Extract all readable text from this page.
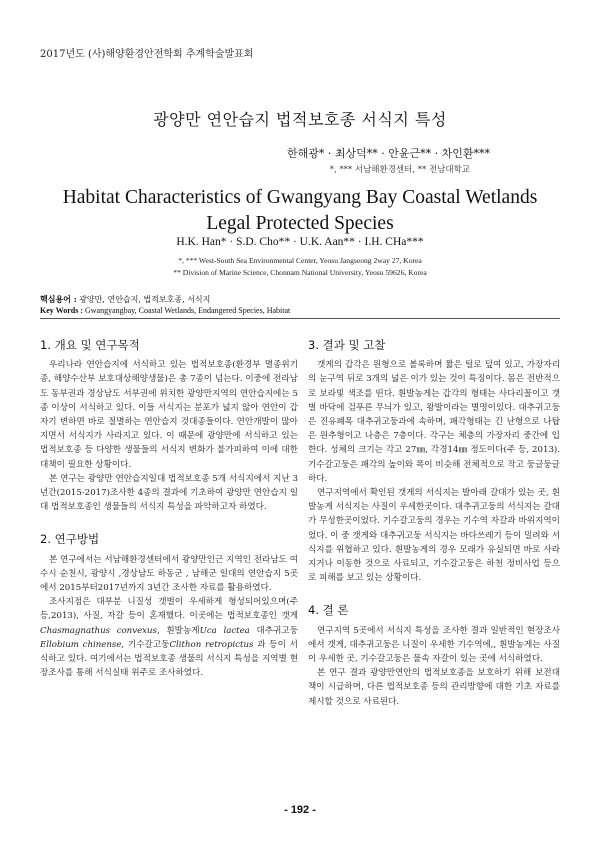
2017년도 (사)해양환경안전학회 추계학술발표회
광양만 연안습지 법적보호종 서식지 특성
한해광* · 최상덕** · 안윤근** · 차인환***
*, *** 서남해환경센터, ** 전남대학교
Habitat Characteristics of Gwangyang Bay Coastal Wetlands Legal Protected Species
H.K. Han* · S.D. Cho** · U.K. Aan** · I.H. CHa***
*, *** West-South Sea Environmental Center, Yeosu Jangseong 2way 27, Korea
** Division of Marine Science, Chonnam National University, Yeosu 59626, Korea
핵심용어 : 광양만, 연안습지, 법적보호종, 서식지
Key Words : Gwangyangbay, Coastal Wetlands, Endangered Species, Habitat
1. 개요 및 연구목적

우리나라 연안습지에 서식하고 있는 법적보호종(환경부 멸종위기종, 해양수산부 보호대상해양생물)은 총 7종이 넘는다. 이중에 전라남도 동부권과 경상남도 서부권에 위치한 광양만지역의 연안습지에는 5종 이상이 서식하고 있다. 이들 서식지는 분포가 넓지 않아 연안이 갑자기 변하면 바로 절멸하는 연안습지 것대종들이다. 연안개발이 많아지면서 서식지가 사라지고 있다. 이 때문에 광양만에 서식하고 있는 법적보호종 등 다양한 생물들의 서식지 변화가 불가피하여 이에 대한 대책이 필요한 상황이다.

본 연구는 광양만 연안습지일대 법적보호종 5개 서식지에서 지난 3년간(2015-2017)조사한 4종의 결과에 기초하여 광양만 연안습지 일대 법적보호종인 생물들의 서식지 특성을 파악하고자 하였다.

2. 연구방법

본 연구에서는 서남해환경센터에서 광양만인근 지역인 전라남도 여수시 순천시, 광양시 ,경상남도 하동군 , 남해군 일대의 연안습지 5곳에서 2015부터2017년까지 3년간 조사한 자료를 활용하였다.

조사지점은 대부분 니질성 갯벌이 우세하게 형성되어있으며(주 등,2013), 사질, 자갈 등이 혼재했다. 이곳에는 법적보호종인 갯게Chasmagnathus convexus, 흰발농게Uca lactea 대추귀고둥Ellobium chinense, 기수갈고둥Clithon retropictus 과 등이 서식하고 있다. 여기에서는 법적보호종 생물의 서식지 특성을 지역별 현장조사를 통해 서식실태 위주로 조사하였다.

3. 결과 및 고찰

갯게의 갑각은 원형으로 볼록하며 짧은 털로 덮여 있고, 가장자리의 눈구역 뒤로 3개의 넓은 이가 있는 것이 특징이다. 몸은 전반적으로 보라빛 색조를 띤다. 흰발농게는 갑각의 형태는 사다리꼴이고 갯벌 바닥에 검푸른 무늬가 있고, 왕발이라는 별명이있다. 대추귀고둥은 진유폐목 대추귀고둥과에 속하며, 패각형태는 긴 난형으로 나탑은 원추형이고 나층은 7층이다. 각구는 체층의 가장자리 중간에 입한다. 성체의 크기는 각고 27㎜, 각경14㎜ 정도이다(주 등, 2013). 기수갈고둥은 패각의 높이와 폭이 비슷해 전체적으로 작고 둥글둥글하다.

연구지역에서 확인된 갯게의 서식지는 발아래 갈대가 있는 곳, 흰발농게 서식지는 사질이 우세한곳이다. 대추귀고둥의 서식지는 갈대가 무성한곳이었다. 기수갈고둥의 경우는 기수역 자갈과 바위지역이었다. 이 중 갯게와 대추귀고둥 서식지는 바다쓰레기 등이 밀려와 서식지를 위협하고 있다. 흰발농게의 경우 모래가 유실되면 바로 사라지거나 이동한 것으로 사료되고, 기수갈고둥은 하천 정비사업 등으로 피해를 보고 있는 상황이다.

4. 결 론

연구지역 5곳에서 서식지 특성을 조사한 결과 일반적인 현장조사에서 갯게, 대추귀고둥은 니질이 우세한 기수역에,, 흰발농게는 사질이 우세한 곳, 기수갈고둥은 물속 자갈이 있는 곳에 서식하였다.

본 연구 결과 광양만연안의 법적보호종을 보호하기 위해 보전대책이 시급하며, 다른 법적보호종 등의 관리방향에 대한 기초 자료를 제시할 것으로 사료된다.

- 192 -
